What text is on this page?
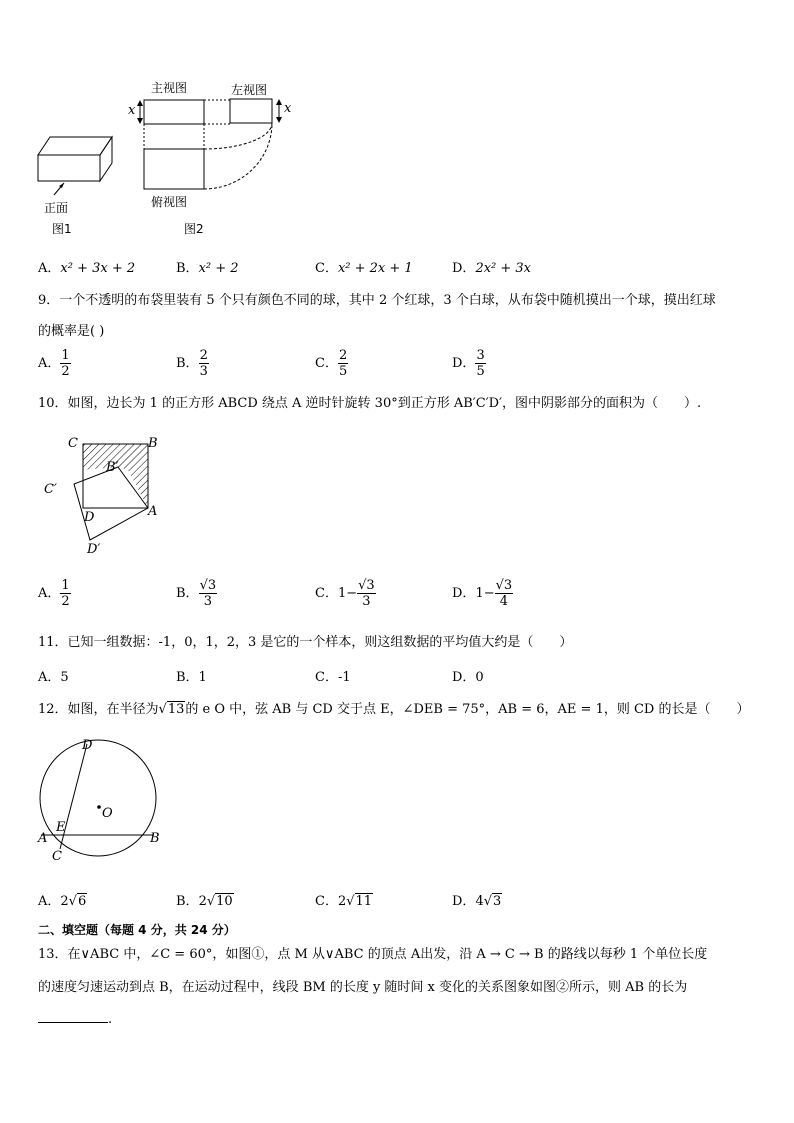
主视图	左视图
俯视图
正面
图1	图2
x	x
A．x² + 3x + 2	B．x² + 2	C．x² + 2x + 1	D．2x² + 3x
9．一个不透明的布袋里装有 5 个只有颜色不同的球，其中 2 个红球，3 个白球，从布袋中随机摸出一个球，摸出红球
的概率是( )
A． $\frac{1}{2}$	B． $\frac{2}{3}$	C． $\frac{2}{5}$	D． $\frac{3}{5}$
10．如图，边长为 1 的正方形 ABCD 绕点 A 逆时针旋转 30°到正方形 AB′C′D′，图中阴影部分的面积为（　　）.
C	B
B′
C′
D	A
D′
A． $\frac{1}{2}$	B． $\frac{√3}{3}$	C．$1- \frac{√3}{3}$	D．$1- \frac{√3}{4}$
11．已知一组数据：-1，0，1，2，3 是它的一个样本，则这组数据的平均值大约是（　　）
A．5	B．1	C．-1	D．0
12．如图，在半径为√13的 e O 中，弦 AB 与 CD 交于点 E，∠DEB = 75°，AB = 6，AE = 1，则 CD 的长是（　　）
D
O
A
E
B
C
A．2√6	B．2√10	C．2√11	D．4√3
二、填空题（每题 4 分，共 24 分）
13．在∨ABC 中，∠C = 60°，如图①，点 M 从∨ABC 的顶点 A出发，沿 A → C → B 的路线以每秒 1 个单位长度
的速度匀速运动到点 B，在运动过程中，线段 BM 的长度 y 随时间 x 变化的关系图象如图②所示，则 AB 的长为
.
